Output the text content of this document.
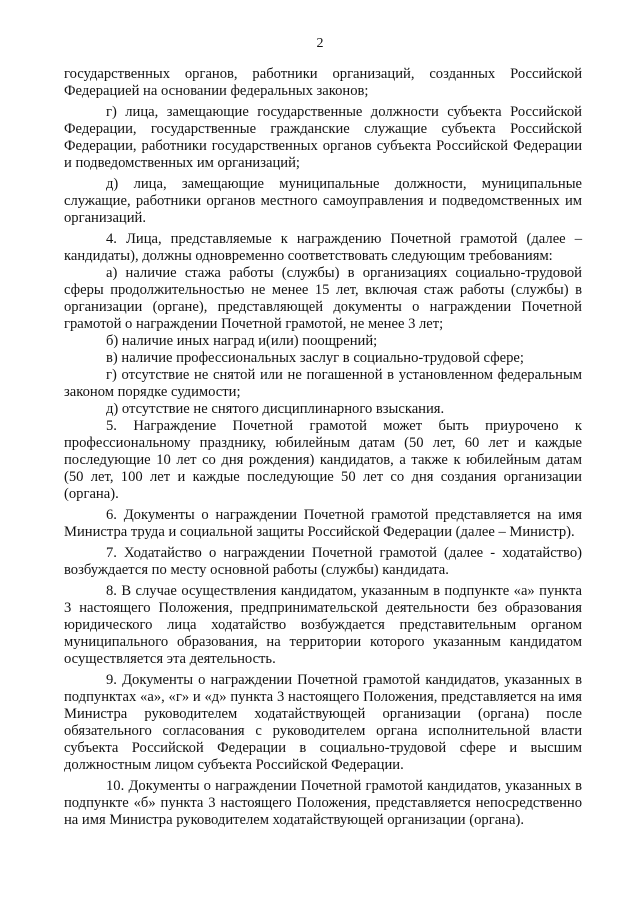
2

государственных органов, работники организаций, созданных Российской Федерацией на основании федеральных законов;

г) лица, замещающие государственные должности субъекта Российской Федерации, государственные гражданские служащие субъекта Российской Федерации, работники государственных органов субъекта Российской Федерации и подведомственных им организаций;

д) лица, замещающие муниципальные должности, муниципальные служащие, работники органов местного самоуправления и подведомственных им организаций.

4. Лица, представляемые к награждению Почетной грамотой (далее – кандидаты), должны одновременно соответствовать следующим требованиям:

а) наличие стажа работы (службы) в организациях социально-трудовой сферы продолжительностью не менее 15 лет, включая стаж работы (службы) в организации (органе), представляющей документы о награждении Почетной грамотой о награждении Почетной грамотой, не менее 3 лет;

б) наличие иных наград и(или) поощрений;

в) наличие профессиональных заслуг в социально-трудовой сфере;

г) отсутствие не снятой или не погашенной в установленном федеральным законом порядке судимости;

д) отсутствие не снятого дисциплинарного взыскания.

5. Награждение Почетной грамотой может быть приурочено к профессиональному празднику, юбилейным датам (50 лет, 60 лет и каждые последующие 10 лет со дня рождения) кандидатов, а также к юбилейным датам (50 лет, 100 лет и каждые последующие 50 лет со дня создания организации (органа).

6. Документы о награждении Почетной грамотой представляется на имя Министра труда и социальной защиты Российской Федерации (далее – Министр).

7. Ходатайство о награждении Почетной грамотой (далее - ходатайство) возбуждается по месту основной работы (службы) кандидата.

8. В случае осуществления кандидатом, указанным в подпункте «а» пункта 3 настоящего Положения, предпринимательской деятельности без образования юридического лица ходатайство возбуждается представительным органом муниципального образования, на территории которого указанным кандидатом осуществляется эта деятельность.

9. Документы о награждении Почетной грамотой кандидатов, указанных в подпунктах «а», «г» и «д» пункта 3 настоящего Положения, представляется на имя Министра руководителем ходатайствующей организации (органа) после обязательного согласования с руководителем органа исполнительной власти субъекта Российской Федерации в социально-трудовой сфере и высшим должностным лицом субъекта Российской Федерации.

10. Документы о награждении Почетной грамотой кандидатов, указанных в подпункте «б» пункта 3 настоящего Положения, представляется непосредственно на имя Министра руководителем ходатайствующей организации (органа).
